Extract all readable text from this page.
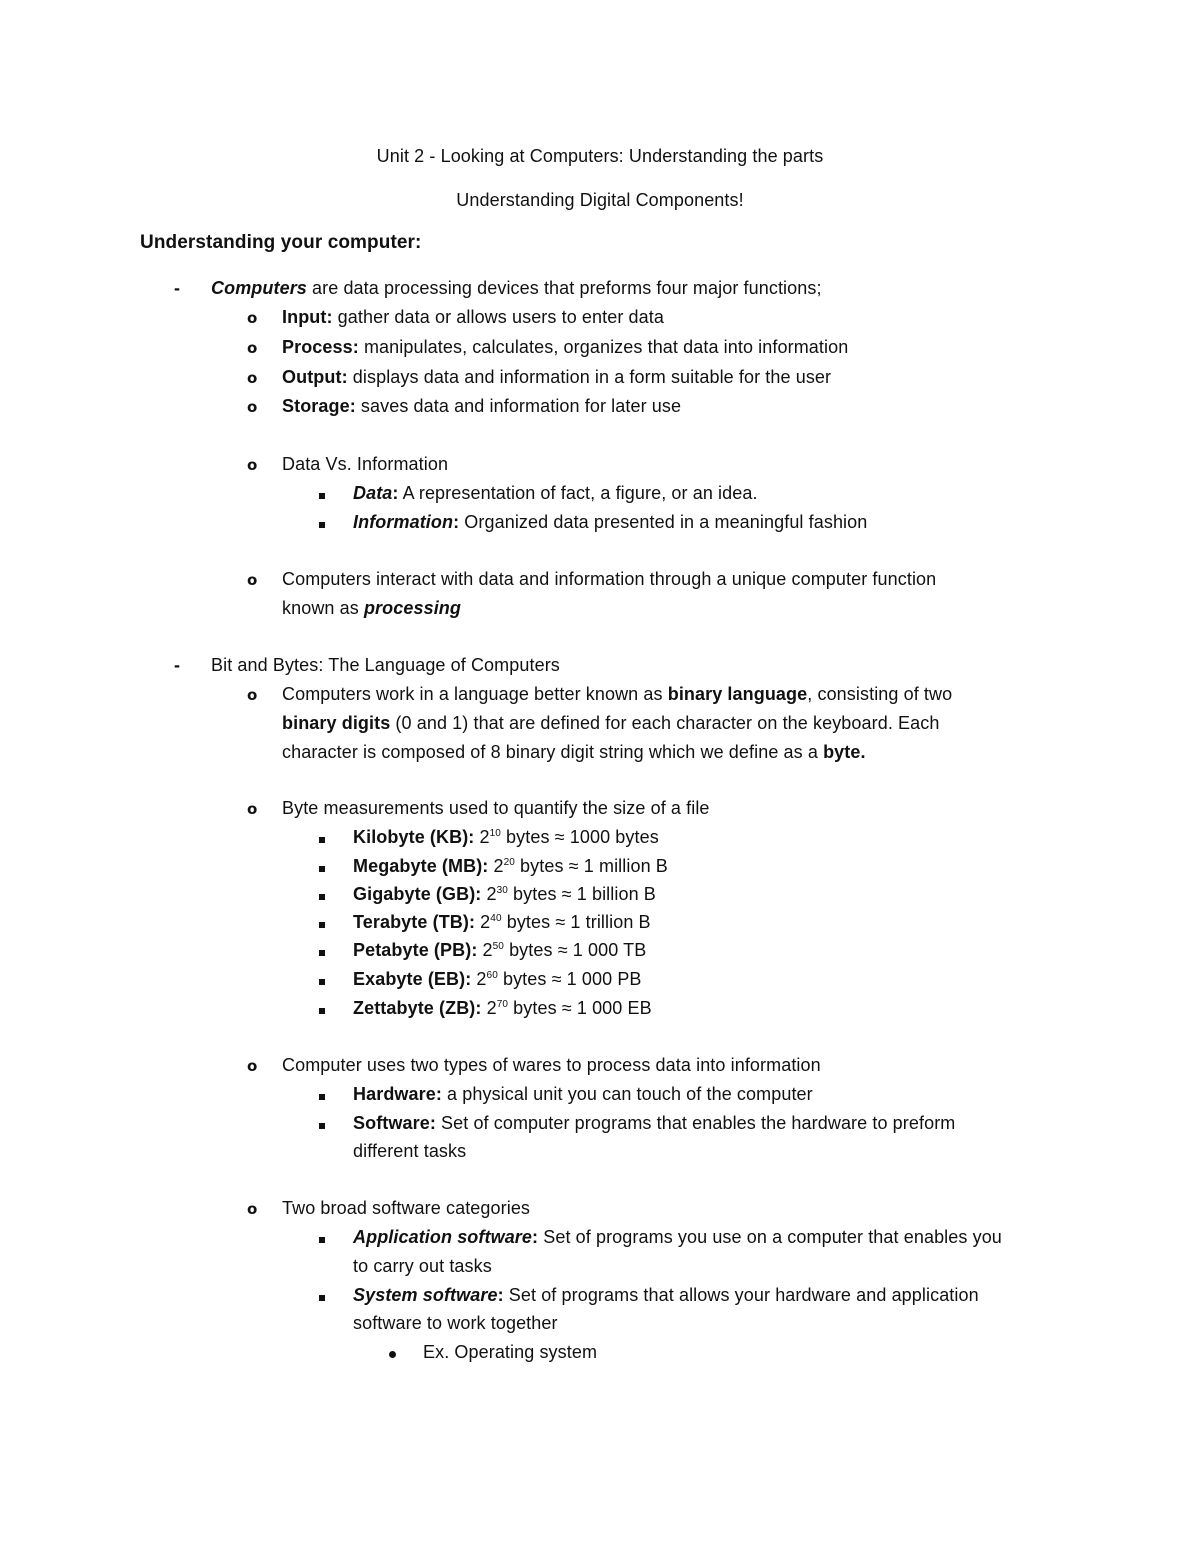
Unit 2 - Looking at Computers: Understanding the parts
Understanding Digital Components!
Understanding your computer:
- Computers are data processing devices that preforms four major functions;
o Input: gather data or allows users to enter data
o Process: manipulates, calculates, organizes that data into information
o Output: displays data and information in a form suitable for the user
o Storage: saves data and information for later use
o Data Vs. Information
Data: A representation of fact, a figure, or an idea.
Information: Organized data presented in a meaningful fashion
o Computers interact with data and information through a unique computer function
known as processing
- Bit and Bytes: The Language of Computers
o Computers work in a language better known as binary language, consisting of two
binary digits (0 and 1) that are defined for each character on the keyboard. Each
character is composed of 8 binary digit string which we define as a byte.
o Byte measurements used to quantify the size of a file
Kilobyte (KB): $2^{10}$ bytes ≈ 1000 bytes
Megabyte (MB): $2^{20}$ bytes ≈ 1 million B
Gigabyte (GB): $2^{30}$ bytes ≈ 1 billion B
Terabyte (TB): $2^{40}$ bytes ≈ 1 trillion B
Petabyte (PB): $2^{50}$ bytes ≈ 1 000 TB
Exabyte (EB): $2^{60}$ bytes ≈ 1 000 PB
Zettabyte (ZB): $2^{70}$ bytes ≈ 1 000 EB
o Computer uses two types of wares to process data into information
Hardware: a physical unit you can touch of the computer
Software: Set of computer programs that enables the hardware to preform
different tasks
o Two broad software categories
Application software: Set of programs you use on a computer that enables you
to carry out tasks
System software: Set of programs that allows your hardware and application
software to work together
Ex. Operating system
